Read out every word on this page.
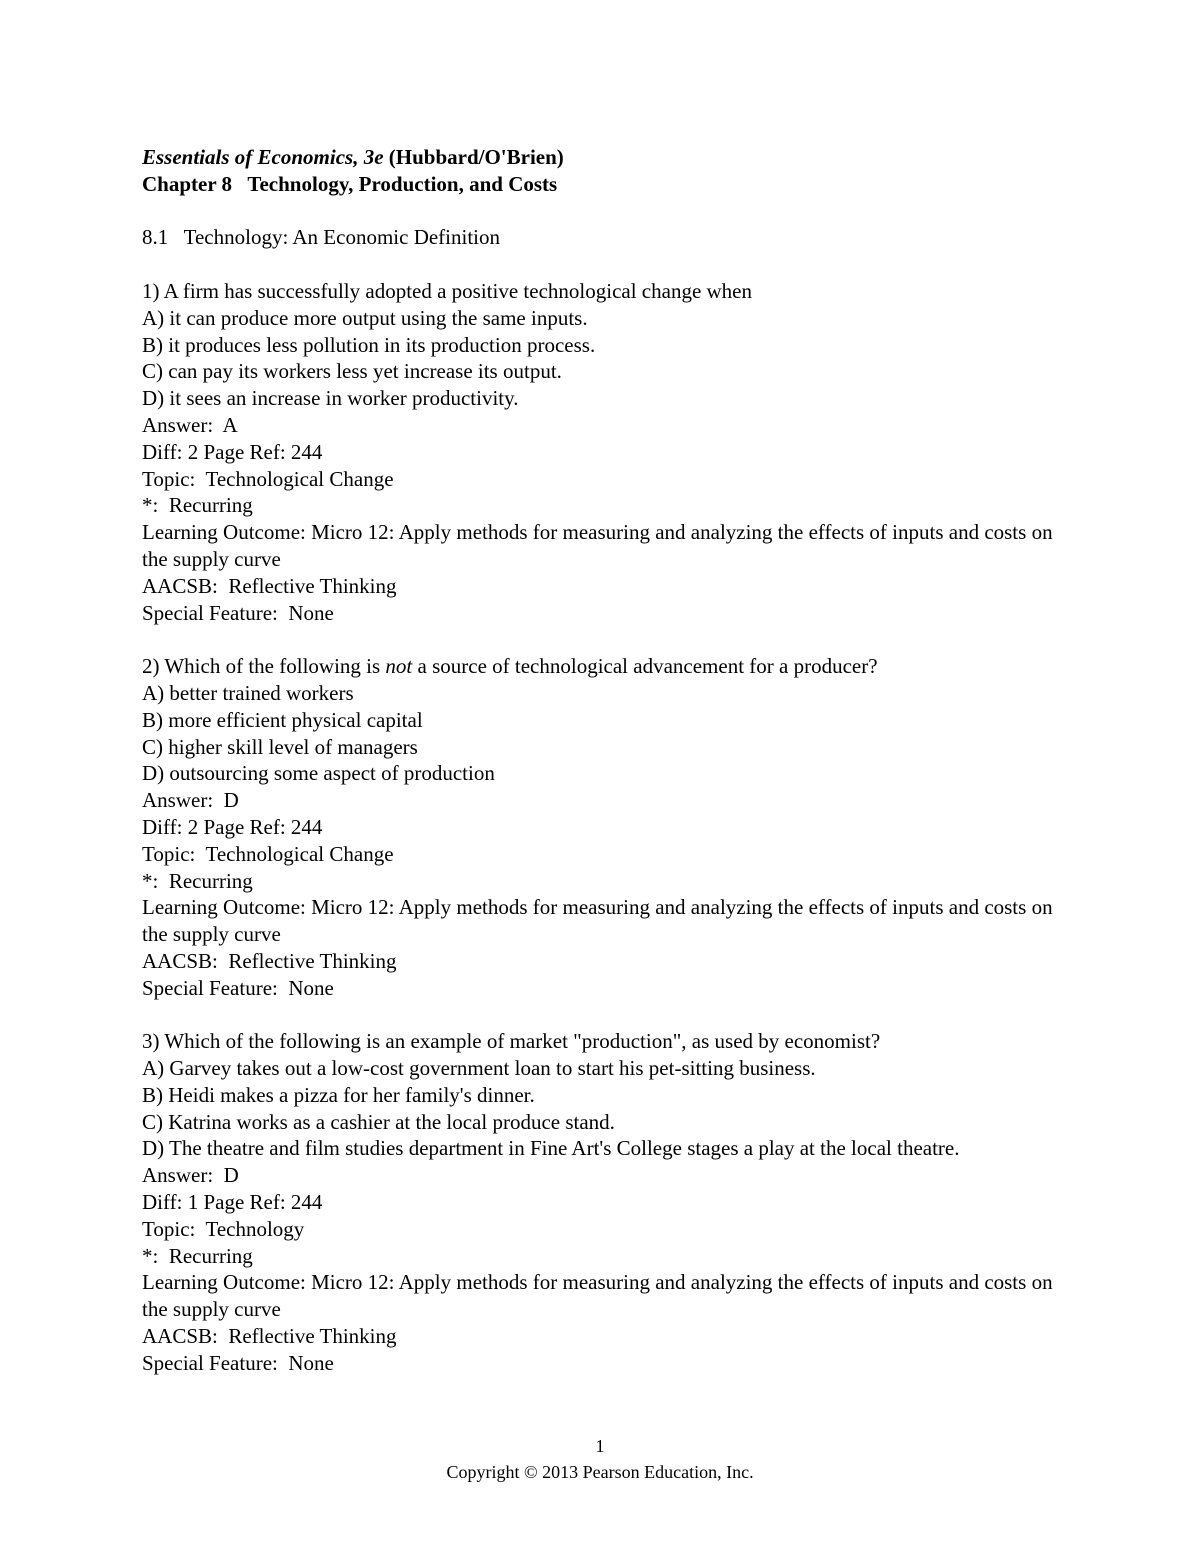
Essentials of Economics, 3e (Hubbard/O'Brien)
Chapter 8   Technology, Production, and Costs
8.1   Technology: An Economic Definition
1) A firm has successfully adopted a positive technological change when
A) it can produce more output using the same inputs.
B) it produces less pollution in its production process.
C) can pay its workers less yet increase its output.
D) it sees an increase in worker productivity.
Answer:  A
Diff: 2 Page Ref: 244
Topic:  Technological Change
*:  Recurring
Learning Outcome: Micro 12: Apply methods for measuring and analyzing the effects of inputs and costs on the supply curve
AACSB:  Reflective Thinking
Special Feature:  None
2) Which of the following is not a source of technological advancement for a producer?
A) better trained workers
B) more efficient physical capital
C) higher skill level of managers
D) outsourcing some aspect of production
Answer:  D
Diff: 2 Page Ref: 244
Topic:  Technological Change
*:  Recurring
Learning Outcome: Micro 12: Apply methods for measuring and analyzing the effects of inputs and costs on the supply curve
AACSB:  Reflective Thinking
Special Feature:  None
3) Which of the following is an example of market "production", as used by economist?
A) Garvey takes out a low-cost government loan to start his pet-sitting business.
B) Heidi makes a pizza for her family's dinner.
C) Katrina works as a cashier at the local produce stand.
D) The theatre and film studies department in Fine Art's College stages a play at the local theatre.
Answer:  D
Diff: 1 Page Ref: 244
Topic:  Technology
*:  Recurring
Learning Outcome: Micro 12: Apply methods for measuring and analyzing the effects of inputs and costs on the supply curve
AACSB:  Reflective Thinking
Special Feature:  None
1
Copyright © 2013 Pearson Education, Inc.
